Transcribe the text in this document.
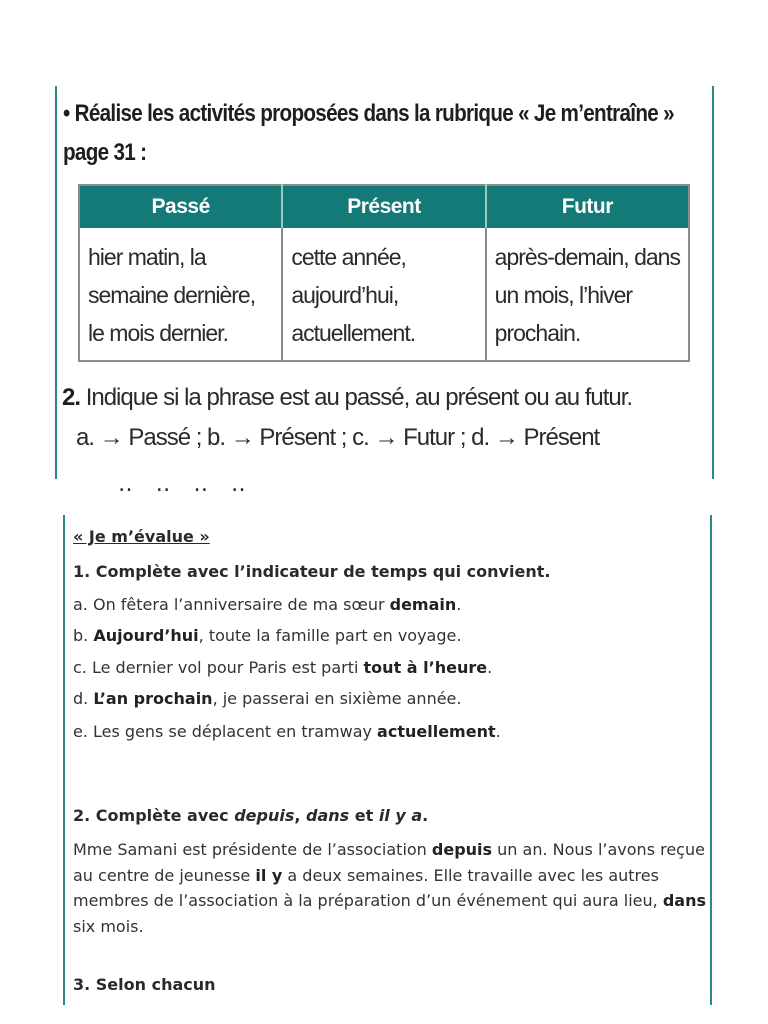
• Réalise les activités proposées dans la rubrique « Je m’entraîne » page 31 :

Passé	Présent	Futur
hier matin, la semaine dernière, le mois dernier.	cette année, aujourd’hui, actuellement.	après-demain, dans un mois, l’hiver prochain.
2. Indique si la phrase est au passé, au présent ou au futur.
a. → Passé ; b. → Présent ; c. → Futur ; d. → Présent
‥ ‥ ‥ ‥

« Je m’évalue »

1. Complète avec l’indicateur de temps qui convient.

a. On fêtera l’anniversaire de ma sœur demain.
b. Aujourd’hui, toute la famille part en voyage.
c. Le dernier vol pour Paris est parti tout à l’heure.
d. L’an prochain, je passerai en sixième année.
e. Les gens se déplacent en tramway actuellement.

2. Complète avec depuis, dans et il y a.

Mme Samani est présidente de l’association depuis un an. Nous l’avons reçue au centre de jeunesse il y a deux semaines. Elle travaille avec les autres membres de l’association à la préparation d’un événement qui aura lieu, dans six mois.

3. Selon chacun
